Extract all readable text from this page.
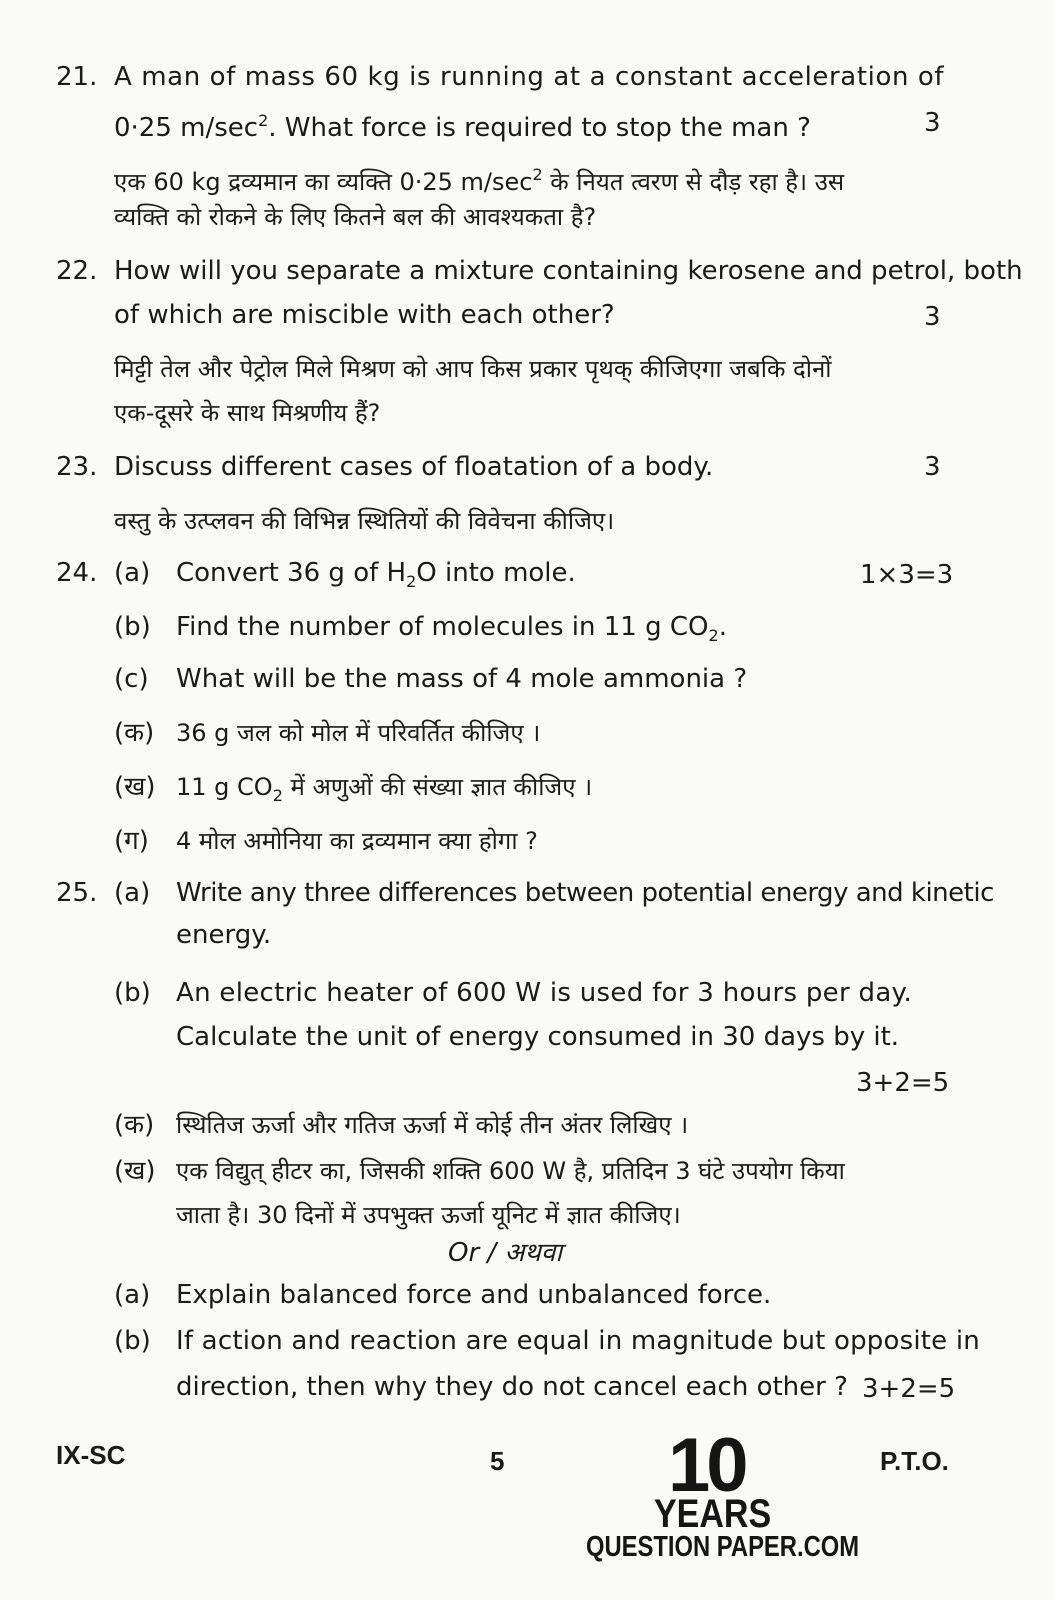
21. A man of mass 60 kg is running at a constant acceleration of
0·25 $m/\sec^2$. What force is required to stop the man ?	3
एक 60 kg द्रव्यमान का व्यक्ति 0·25 $m/\sec^2$ के नियत त्वरण से दौड़ रहा है। उस
व्यक्ति को रोकने के लिए कितने बल की आवश्यकता है?
22. How will you separate a mixture containing kerosene and petrol, both
of which are miscible with each other?	3
मिट्टी तेल और पेट्रोल मिले मिश्रण को आप किस प्रकार पृथक् कीजिएगा जबकि दोनों
एक-दूसरे के साथ मिश्रणीय हैं?
23. Discuss different cases of floatation of a body.	3
वस्तु के उत्प्लवन की विभिन्न स्थितियों की विवेचना कीजिए।
24. (a) Convert 36 g of $H_2O$ into mole.	1×3=3
(b) Find the number of molecules in 11 g $CO_2$.
(c) What will be the mass of 4 mole ammonia ?
(क) 36 g जल को मोल में परिवर्तित कीजिए ।
(ख) 11 g $CO_2$ में अणुओं की संख्या ज्ञात कीजिए ।
(ग) 4 मोल अमोनिया का द्रव्यमान क्या होगा ?
25. (a) Write any three differences between potential energy and kinetic
energy.
(b) An electric heater of 600 W is used for 3 hours per day.
Calculate the unit of energy consumed in 30 days by it.
3+2=5
(क) स्थितिज ऊर्जा और गतिज ऊर्जा में कोई तीन अंतर लिखिए ।
(ख) एक विद्युत् हीटर का, जिसकी शक्ति 600 W है, प्रतिदिन 3 घंटे उपयोग किया
जाता है। 30 दिनों में उपभुक्त ऊर्जा यूनिट में ज्ञात कीजिए।
Or / अथवा
(a) Explain balanced force and unbalanced force.
(b) If action and reaction are equal in magnitude but opposite in
direction, then why they do not cancel each other ? 3+2=5
IX-SC	5	P.T.O.
10
YEARS
QUESTION PAPER.COM
